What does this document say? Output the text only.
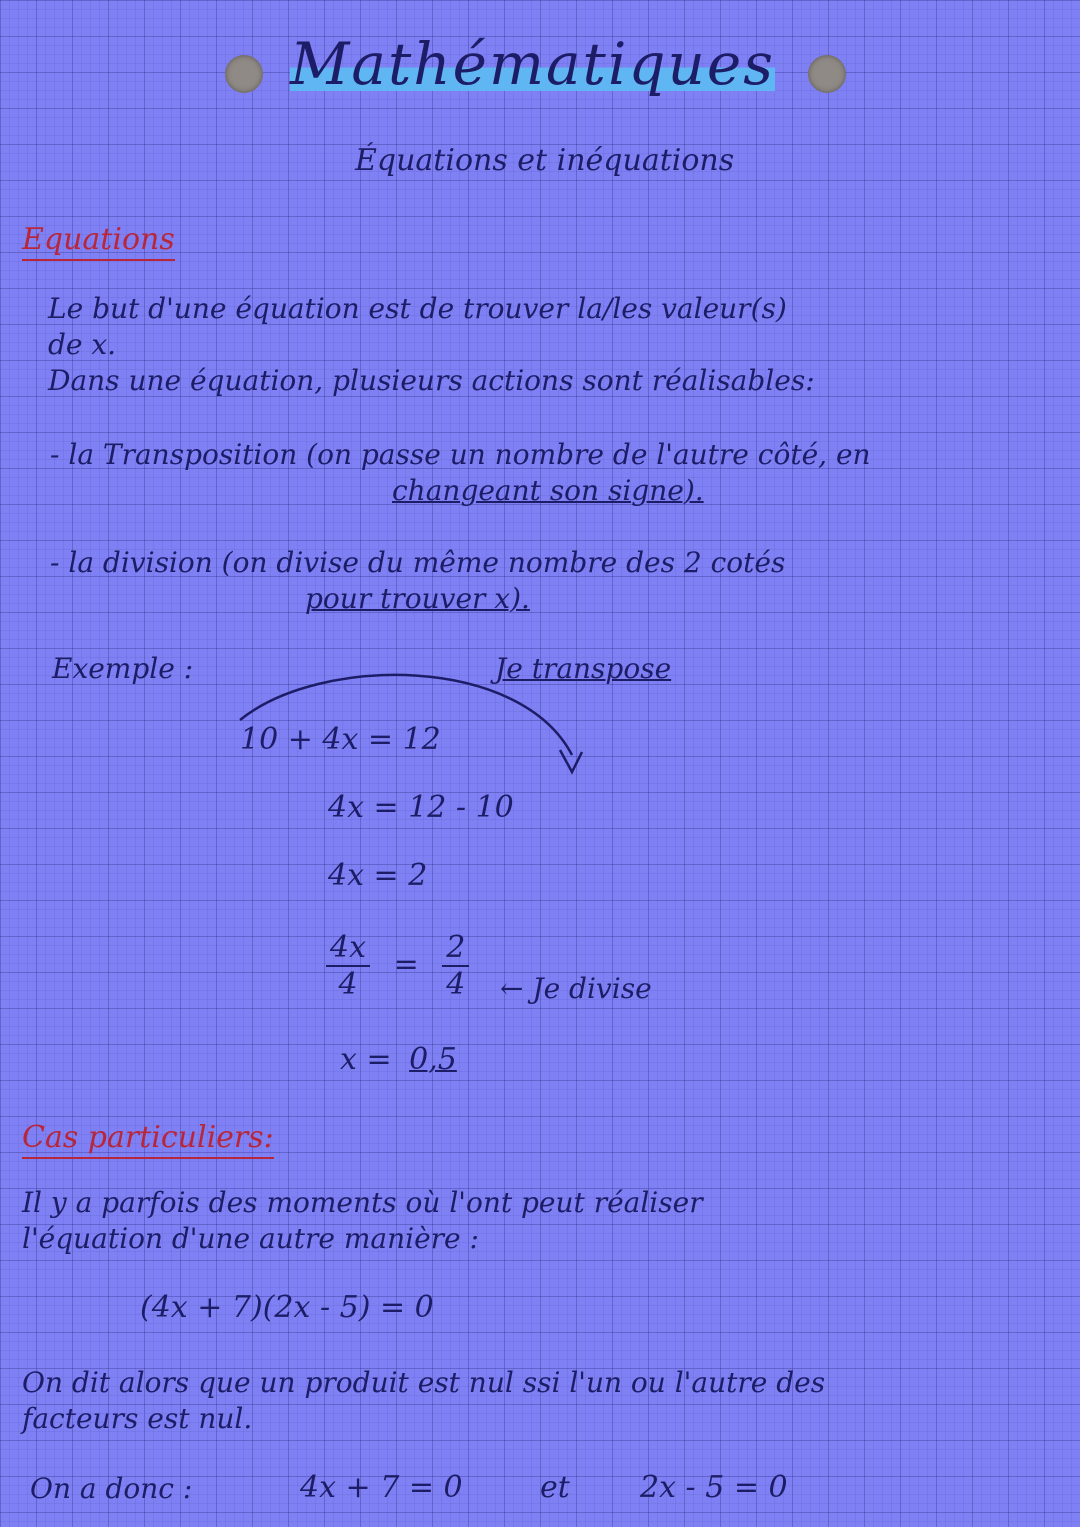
Mathématiques
Équations et inéquations
Equations
Le but d'une équation est de trouver la/les valeur(s)
de x.
Dans une équation, plusieurs actions sont réalisables:
- la Transposition (on passe un nombre de l'autre côté, en
changeant son signe).
- la division (on divise du même nombre des 2 cotés
pour trouver x).
Exemple :	Je transpose
10 + 4x = 12
4x = 12 - 10
4x = 2
$\frac{4x}{4} = \frac{2}{4}$ ← Je divise
x = 0,5
Cas particuliers:
Il y a parfois des moments où l'ont peut réaliser
l'équation d'une autre manière :
(4x + 7)(2x - 5) = 0
On dit alors que un produit est nul ssi l'un ou l'autre des
facteurs est nul.
On a donc :	4x + 7 = 0	et 2x - 5 = 0
